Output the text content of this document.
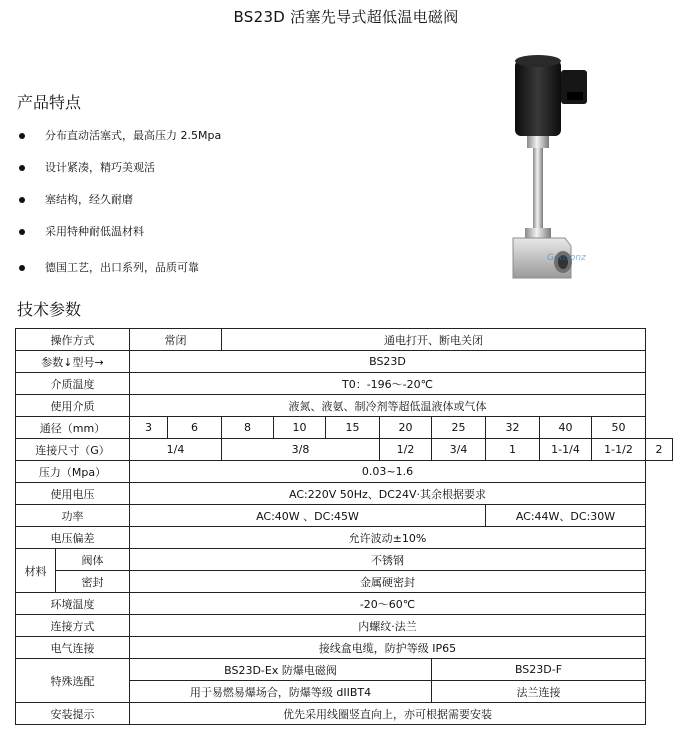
BS23D 活塞先导式超低温电磁阀
产品特点
分布直动活塞式，最高压力 2.5Mpa
设计紧凑，精巧美观活
塞结构，经久耐磨
采用特种耐低温材料
德国工艺，出口系列，品质可靠
Gensonz
技术参数
操作方式		常闭		通电打开、断电关闭								
参数↓型号→		BS23D										
介质温度		T0：-196～-20℃										
使用介质		液氮、液氨、制冷剂等超低温液体或气体										
通径（mm）		3	6	8	10	15	20	25	32	40	50	
连接尺寸（G）		1/4		3/8			1/2	3/4	1	1-1/4	1-1/2	2
压力（Mpa）		0.03~1.6										
使用电压		AC:220V 50Hz、DC24V·其余根据要求										
功率		AC:40W 、DC:45W							AC:44W、DC:30W			
电压偏差		允许波动±10%										
材料	阀体	不锈钢										
	密封	金属硬密封										
环境温度		-20～60℃										
连接方式		内螺纹·法兰										
电气连接		接线盒电缆，防护等级 IP65										
特殊选配		BS23D-Ex 防爆电磁阀						BS23D-F				
		用于易燃易爆场合，防爆等级 dIIBT4						法兰连接				
安装提示		优先采用线圈竖直向上，亦可根据需要安装										
